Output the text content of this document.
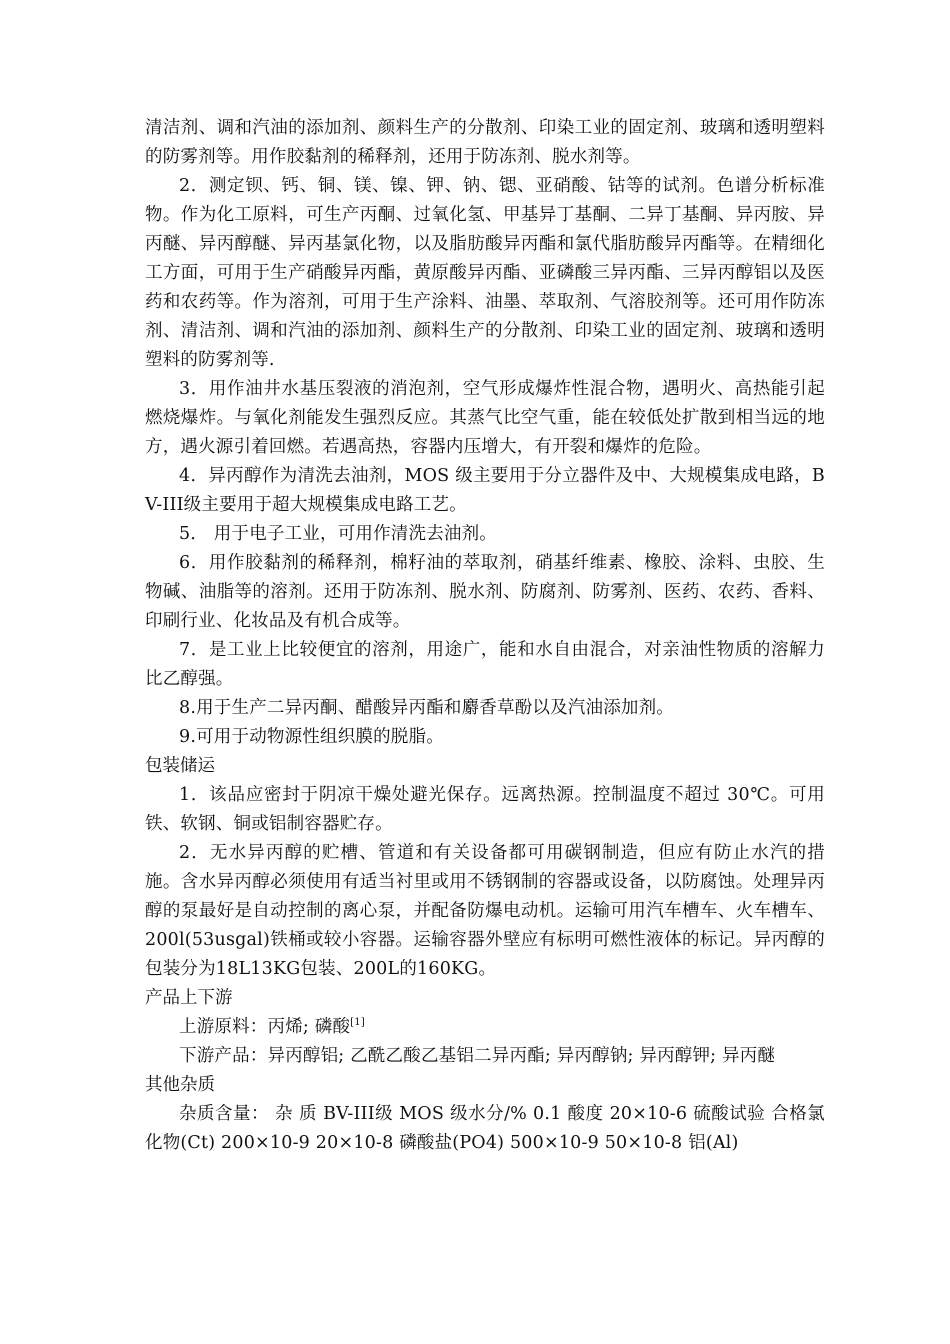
清洁剂、调和汽油的添加剂、颜料生产的分散剂、印染工业的固定剂、玻璃和透明塑料的防雾剂等。用作胶黏剂的稀释剂，还用于防冻剂、脱水剂等。

2．测定钡、钙、铜、镁、镍、钾、钠、锶、亚硝酸、钴等的试剂。色谱分析标准物。作为化工原料，可生产丙酮、过氧化氢、甲基异丁基酮、二异丁基酮、异丙胺、异丙醚、异丙醇醚、异丙基氯化物，以及脂肪酸异丙酯和氯代脂肪酸异丙酯等。在精细化工方面，可用于生产硝酸异丙酯，黄原酸异丙酯、亚磷酸三异丙酯、三异丙醇铝以及医药和农药等。作为溶剂，可用于生产涂料、油墨、萃取剂、气溶胶剂等。还可用作防冻剂、清洁剂、调和汽油的添加剂、颜料生产的分散剂、印染工业的固定剂、玻璃和透明塑料的防雾剂等.

3．用作油井水基压裂液的消泡剂，空气形成爆炸性混合物，遇明火、高热能引起燃烧爆炸。与氧化剂能发生强烈反应。其蒸气比空气重，能在较低处扩散到相当远的地方，遇火源引着回燃。若遇高热，容器内压增大，有开裂和爆炸的危险。

4．异丙醇作为清洗去油剂，MOS 级主要用于分立器件及中、大规模集成电路，BV-III级主要用于超大规模集成电路工艺。

5． 用于电子工业，可用作清洗去油剂。

6．用作胶黏剂的稀释剂，棉籽油的萃取剂，硝基纤维素、橡胶、涂料、虫胶、生物碱、油脂等的溶剂。还用于防冻剂、脱水剂、防腐剂、防雾剂、医药、农药、香料、印刷行业、化妆品及有机合成等。

7．是工业上比较便宜的溶剂，用途广，能和水自由混合，对亲油性物质的溶解力比乙醇强。

8.用于生产二异丙酮、醋酸异丙酯和麝香草酚以及汽油添加剂。

9.可用于动物源性组织膜的脱脂。

包装储运

1．该品应密封于阴凉干燥处避光保存。远离热源。控制温度不超过 30℃。可用铁、软钢、铜或铝制容器贮存。

2．无水异丙醇的贮槽、管道和有关设备都可用碳钢制造，但应有防止水汽的措施。含水异丙醇必须使用有适当衬里或用不锈钢制的容器或设备，以防腐蚀。处理异丙醇的泵最好是自动控制的离心泵，并配备防爆电动机。运输可用汽车槽车、火车槽车、200l(53usgal)铁桶或较小容器。运输容器外壁应有标明可燃性液体的标记。异丙醇的包装分为18L13KG包装、200L的160KG。

产品上下游

上游原料：丙烯; 磷酸[1]

下游产品：异丙醇铝; 乙酰乙酸乙基铝二异丙酯; 异丙醇钠; 异丙醇钾; 异丙醚

其他杂质

杂质含量： 杂 质 BV-III级 MOS 级水分/% 0.1 酸度 20×10-6 硫酸试验 合格氯化物(Ct) 200×10-9 20×10-8 磷酸盐(PO4) 500×10-9 50×10-8 铝(Al)
